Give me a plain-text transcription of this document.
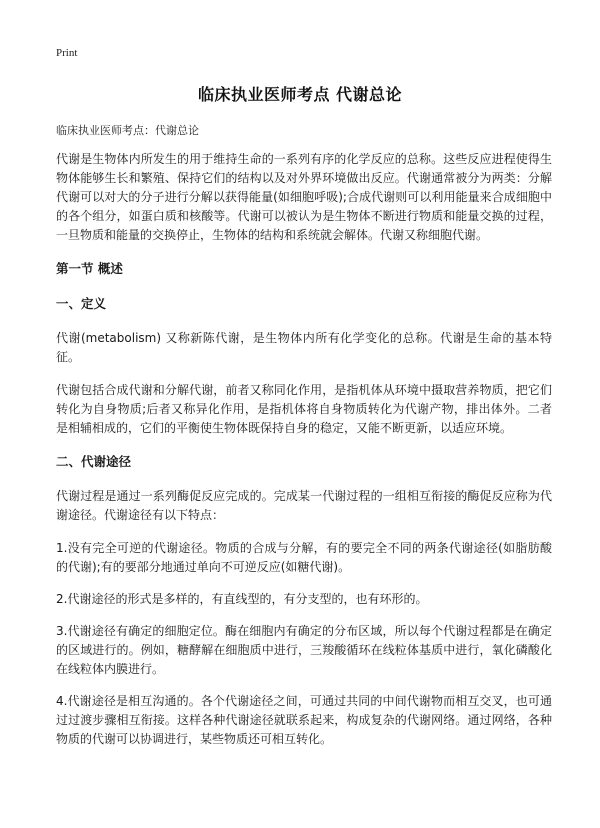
Print
临床执业医师考点 代谢总论
临床执业医师考点：代谢总论

代谢是生物体内所发生的用于维持生命的一系列有序的化学反应的总称。这些反应进程使得生物体能够生长和繁殖、保持它们的结构以及对外界环境做出反应。代谢通常被分为两类：分解代谢可以对大的分子进行分解以获得能量(如细胞呼吸);合成代谢则可以利用能量来合成细胞中的各个组分，如蛋白质和核酸等。代谢可以被认为是生物体不断进行物质和能量交换的过程，一旦物质和能量的交换停止，生物体的结构和系统就会解体。代谢又称细胞代谢。

第一节 概述
一、定义

代谢(metabolism) 又称新陈代谢，是生物体内所有化学变化的总称。代谢是生命的基本特征。

代谢包括合成代谢和分解代谢，前者又称同化作用，是指机体从环境中摄取营养物质，把它们转化为自身物质;后者又称异化作用，是指机体将自身物质转化为代谢产物，排出体外。二者是相辅相成的，它们的平衡使生物体既保持自身的稳定，又能不断更新，以适应环境。

二、代谢途径

代谢过程是通过一系列酶促反应完成的。完成某一代谢过程的一组相互衔接的酶促反应称为代谢途径。代谢途径有以下特点：

1.没有完全可逆的代谢途径。物质的合成与分解，有的要完全不同的两条代谢途径(如脂肪酸的代谢);有的要部分地通过单向不可逆反应(如糖代谢)。

2.代谢途径的形式是多样的，有直线型的，有分支型的，也有环形的。

3.代谢途径有确定的细胞定位。酶在细胞内有确定的分布区域，所以每个代谢过程都是在确定的区域进行的。例如，糖酵解在细胞质中进行，三羧酸循环在线粒体基质中进行，氧化磷酸化在线粒体内膜进行。

4.代谢途径是相互沟通的。各个代谢途径之间，可通过共同的中间代谢物而相互交叉，也可通过过渡步骤相互衔接。这样各种代谢途径就联系起来，构成复杂的代谢网络。通过网络，各种物质的代谢可以协调进行，某些物质还可相互转化。
